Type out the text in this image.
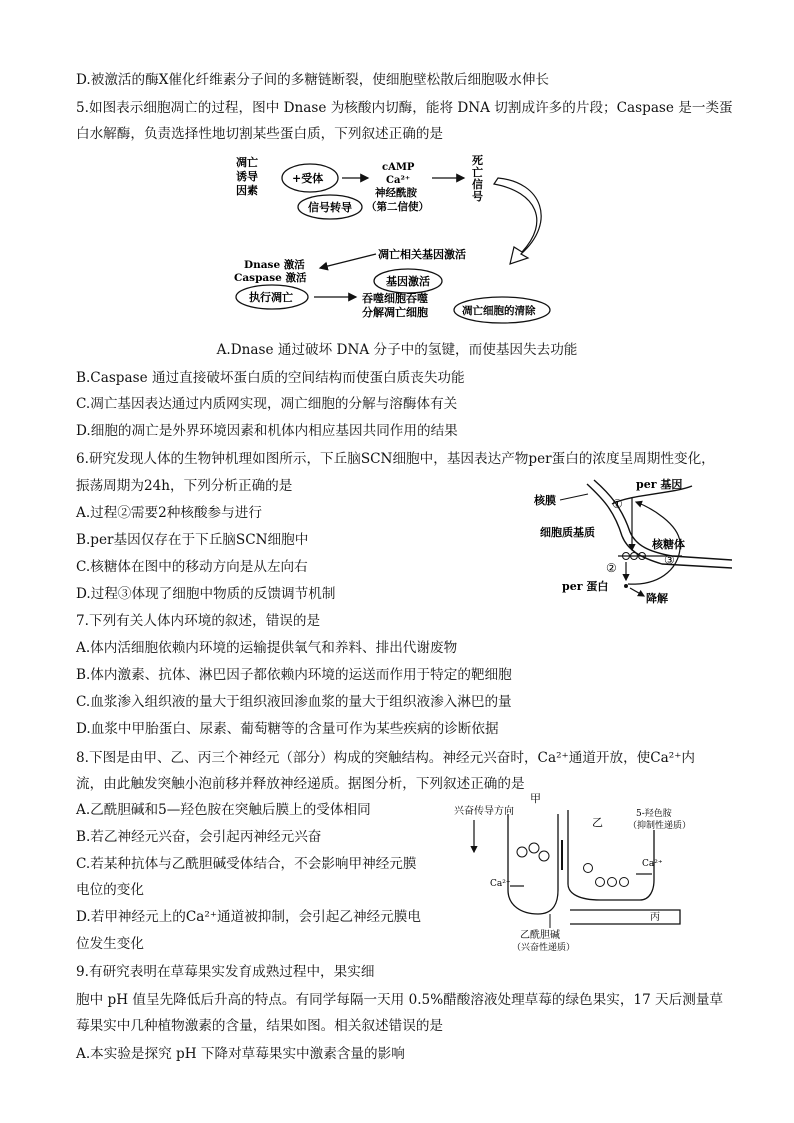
D.被激活的酶X催化纤维素分子间的多糖链断裂，使细胞壁松散后细胞吸水伸长
5.如图表示细胞凋亡的过程，图中 Dnase 为核酸内切酶，能将 DNA 切割成许多的片段；Caspase 是一类蛋
白水解酶，负责选择性地切割某些蛋白质，下列叙述正确的是
凋亡
诱导
因素
+受体
信号转导
cAMP
Ca²⁺
神经酰胺
（第二信使）
死
亡
信
号
凋亡相关基因激活
基因激活
Dnase 激活
Caspase 激活
执行凋亡	吞噬细胞吞噬
分解凋亡细胞	凋亡细胞的清除
A.Dnase 通过破坏 DNA 分子中的氢键，而使基因失去功能
B.Caspase 通过直接破坏蛋白质的空间结构而使蛋白质丧失功能
C.凋亡基因表达通过内质网实现，凋亡细胞的分解与溶酶体有关
D.细胞的凋亡是外界环境因素和机体内相应基因共同作用的结果
6.研究发现人体的生物钟机理如图所示，下丘脑SCN细胞中，基因表达产物per蛋白的浓度呈周期性变化，
振荡周期为24h，下列分析正确的是
A.过程②需要2种核酸参与进行
B.per基因仅存在于下丘脑SCN细胞中
C.核糖体在图中的移动方向是从左向右
D.过程③体现了细胞中物质的反馈调节机制
核膜
per 基因
①
细胞质基质
核糖体
③
②
per 蛋白
降解
7.下列有关人体内环境的叙述，错误的是
A.体内活细胞依赖内环境的运输提供氧气和养料、排出代谢废物
B.体内激素、抗体、淋巴因子都依赖内环境的运送而作用于特定的靶细胞
C.血浆渗入组织液的量大于组织液回渗血浆的量大于组织液渗入淋巴的量
D.血浆中甲胎蛋白、尿素、葡萄糖等的含量可作为某些疾病的诊断依据
8.下图是由甲、乙、丙三个神经元（部分）构成的突触结构。神经元兴奋时，Ca²⁺通道开放，使Ca²⁺内
流，由此触发突触小泡前移并释放神经递质。据图分析，下列叙述正确的是
A.乙酰胆碱和5—羟色胺在突触后膜上的受体相同
B.若乙神经元兴奋，会引起丙神经元兴奋
C.若某种抗体与乙酰胆碱受体结合，不会影响甲神经元膜
电位的变化
D.若甲神经元上的Ca²⁺通道被抑制，会引起乙神经元膜电
位发生变化
甲
兴奋传导方向
Ca²⁺
乙
5-羟色胺
（抑制性递质）
Ca²⁺
丙
乙酰胆碱
（兴奋性递质）
9.有研究表明在草莓果实发育成熟过程中，果实细
胞中 pH 值呈先降低后升高的特点。有同学每隔一天用 0.5%醋酸溶液处理草莓的绿色果实，17 天后测量草
莓果实中几种植物激素的含量，结果如图。相关叙述错误的是
A.本实验是探究 pH 下降对草莓果实中激素含量的影响
